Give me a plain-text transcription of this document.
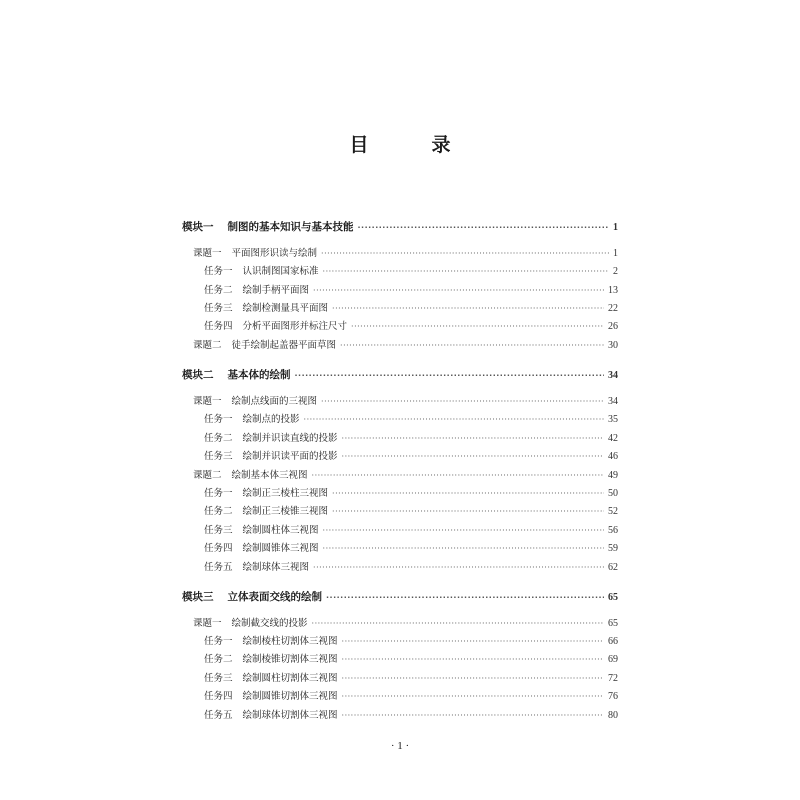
目　录
模块一 制图的基本知识与基本技能 ·····	1
课题一 平面图形识读与绘制 ·····	1
任务一 认识制图国家标准 ·····	2
任务二 绘制手柄平面图 ·····	13
任务三 绘制检测量具平面图 ·····	22
任务四 分析平面图形并标注尺寸 ·····	26
课题二 徒手绘制起盖器平面草图 ·····	30
模块二 基本体的绘制 ·····	34
课题一 绘制点线面的三视图 ·····	34
任务一 绘制点的投影 ·····	35
任务二 绘制并识读直线的投影 ·····	42
任务三 绘制并识读平面的投影 ·····	46
课题二 绘制基本体三视图 ·····	49
任务一 绘制正三棱柱三视图 ·····	50
任务二 绘制正三棱锥三视图 ·····	52
任务三 绘制圆柱体三视图 ·····	56
任务四 绘制圆锥体三视图 ·····	59
任务五 绘制球体三视图 ·····	62
模块三 立体表面交线的绘制 ·····	65
课题一 绘制截交线的投影 ·····	65
任务一 绘制棱柱切割体三视图 ·····	66
任务二 绘制棱锥切割体三视图 ·····	69
任务三 绘制圆柱切割体三视图 ·····	72
任务四 绘制圆锥切割体三视图 ·····	76
任务五 绘制球体切割体三视图 ·····	80
· 1 ·
